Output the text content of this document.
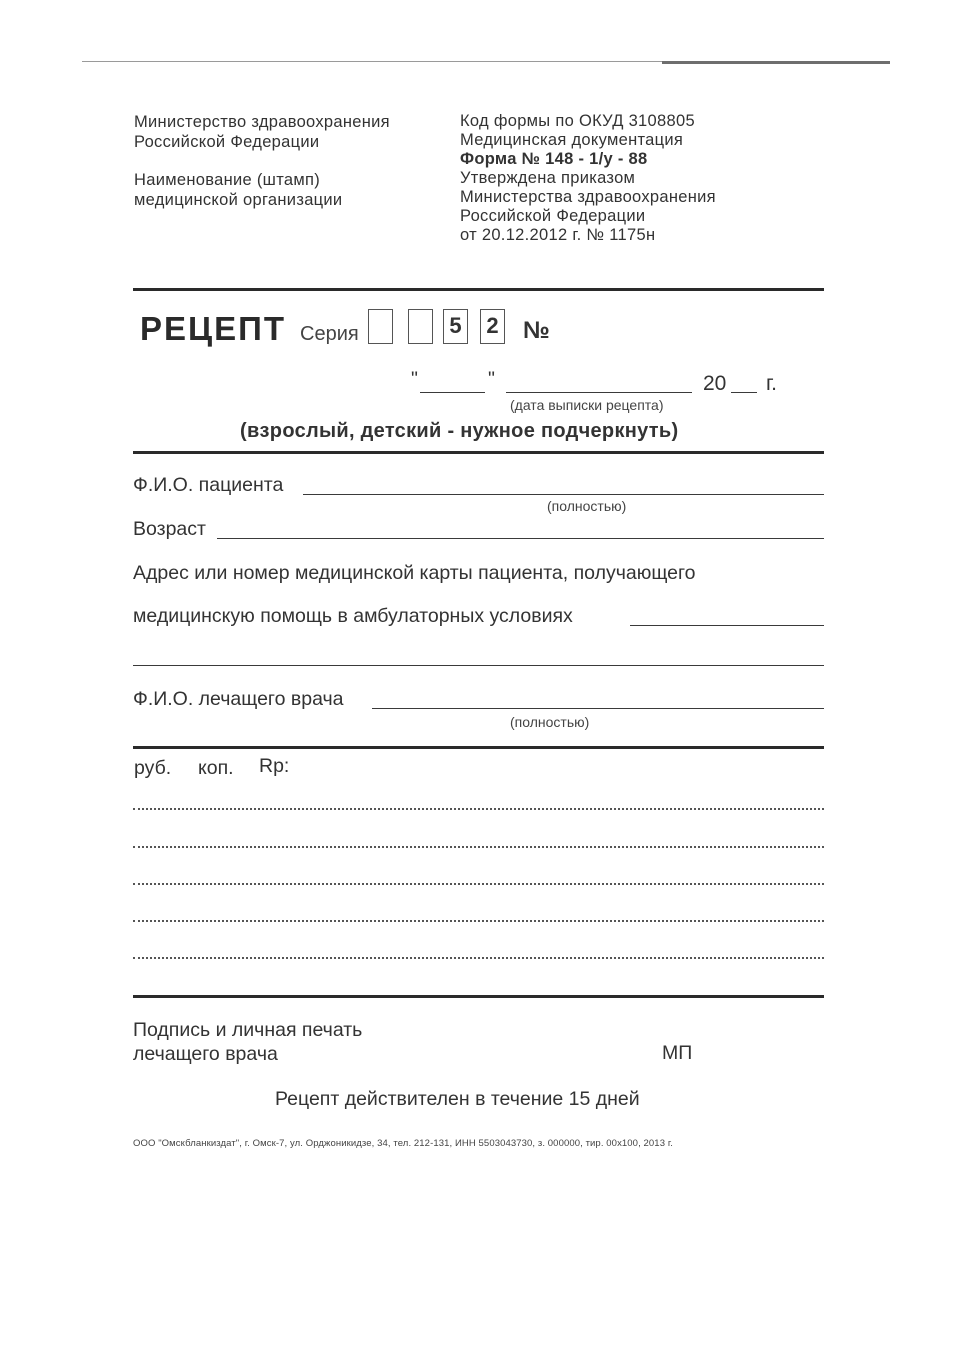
Министерство здравоохранения
Российской Федерации
Наименование (штамп)
медицинской организации
Код формы по ОКУД 3108805
Медицинская документация
Форма № 148 - 1/у - 88
Утверждена приказом
Министерства здравоохранения
Российской Федерации
от 20.12.2012 г. № 1175н
РЕЦЕПТ Серия	5 2 №
"	"	20 г.
(дата выписки рецепта)
(взрослый, детский - нужное подчеркнуть)
Ф.И.О. пациента
(полностью)
Возраст
Адрес или номер медицинской карты пациента, получающего
медицинскую помощь в амбулаторных условиях
Ф.И.О. лечащего врача
(полностью)
руб. коп. Rp:
Подпись и личная печать
лечащего врача	МП
Рецепт действителен в течение 15 дней
ООО "Омскбланкиздат", г. Омск-7, ул. Орджоникидзе, 34, тел. 212-131, ИНН 5503043730, з. 000000, тир. 00х100, 2013 г.
